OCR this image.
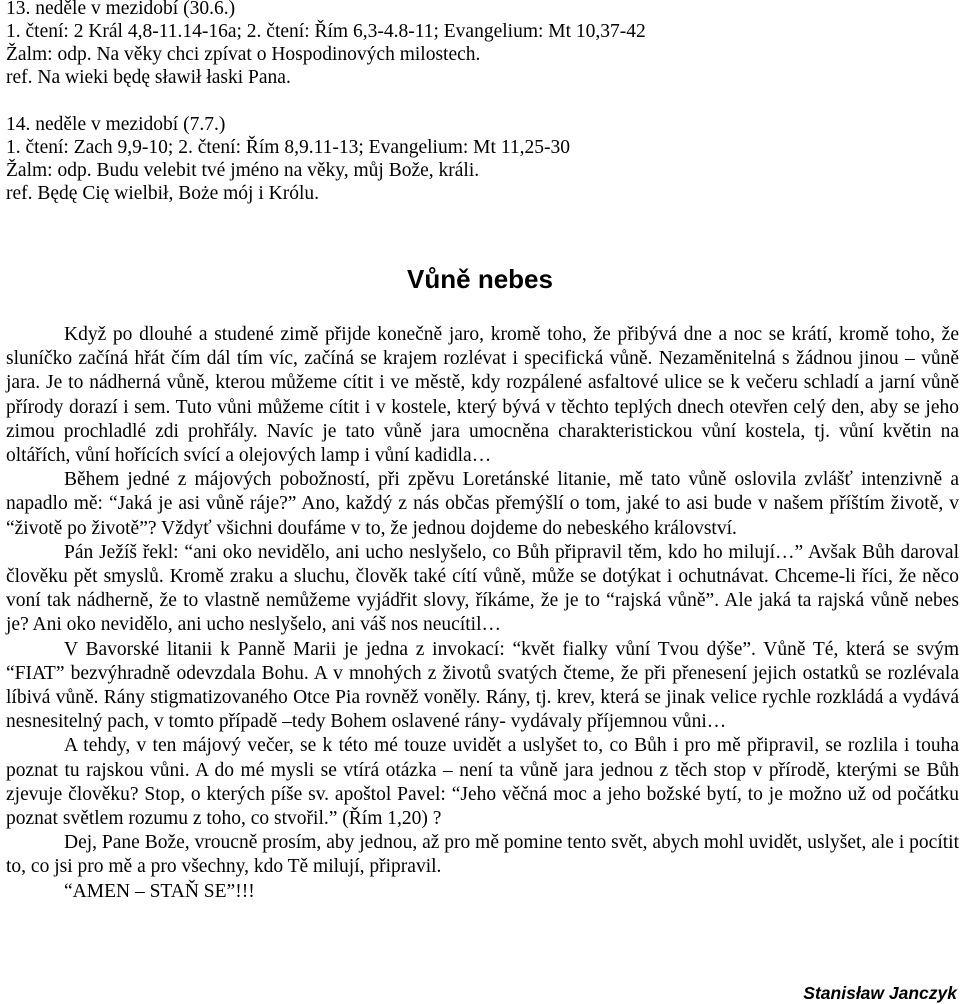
13. neděle v mezidobí (30.6.)
1. čtení: 2 Král 4,8-11.14-16a; 2. čtení: Řím 6,3-4.8-11; Evangelium: Mt 10,37-42
Žalm: odp. Na věky chci zpívat o Hospodinových milostech.
ref. Na wieki będę sławił łaski Pana.
14. neděle v mezidobí (7.7.)
1. čtení: Zach 9,9-10; 2. čtení: Řím 8,9.11-13; Evangelium: Mt 11,25-30
Žalm: odp. Budu velebit tvé jméno na věky, můj Bože, králi.
ref. Będę Cię wielbił, Boże mój i Królu.
Vůně nebes

Když po dlouhé a studené zimě přijde konečně jaro, kromě toho, že přibývá dne a noc se krátí, kromě toho, že sluníčko začíná hřát čím dál tím víc, začíná se krajem rozlévat i specifická vůně. Nezaměnitelná s žádnou jinou – vůně jara. Je to nádherná vůně, kterou můžeme cítit i ve městě, kdy rozpálené asfaltové ulice se k večeru schladí a jarní vůně přírody dorazí i sem. Tuto vůni můžeme cítit i v kostele, který bývá v těchto teplých dnech otevřen celý den, aby se jeho zimou prochladlé zdi prohřály. Navíc je tato vůně jara umocněna charakteristickou vůní kostela, tj. vůní květin na oltářích, vůní hořících svící a olejových lamp i vůní kadidla…

Během jedné z májových pobožností, při zpěvu Loretánské litanie, mě tato vůně oslovila zvlášť intenzivně a napadlo mě: “Jaká je asi vůně ráje?” Ano, každý z nás občas přemýšlí o tom, jaké to asi bude v našem příštím životě, v “životě po životě”? Vždyť všichni doufáme v to, že jednou dojdeme do nebeského království.

Pán Ježíš řekl: “ani oko nevidělo, ani ucho neslyšelo, co Bůh připravil těm, kdo ho milují…” Avšak Bůh daroval člověku pět smyslů. Kromě zraku a sluchu, člověk také cítí vůně, může se dotýkat i ochutnávat. Chceme-li říci, že něco voní tak nádherně, že to vlastně nemůžeme vyjádřit slovy, říkáme, že je to “rajská vůně”. Ale jaká ta rajská vůně nebes je? Ani oko nevidělo, ani ucho neslyšelo, ani váš nos neucítil…

V Bavorské litanii k Panně Marii je jedna z invokací: “květ fialky vůní Tvou dýše”. Vůně Té, která se svým “FIAT” bezvýhradně odevzdala Bohu. A v mnohých z životů svatých čteme, že při přenesení jejich ostatků se rozlévala líbivá vůně. Rány stigmatizovaného Otce Pia rovněž voněly. Rány, tj. krev, která se jinak velice rychle rozkládá a vydává nesnesitelný pach, v tomto případě –tedy Bohem oslavené rány- vydávaly příjemnou vůni…

A tehdy, v ten májový večer, se k této mé touze uvidět a uslyšet to, co Bůh i pro mě připravil, se rozlila i touha poznat tu rajskou vůni. A do mé mysli se vtírá otázka – není ta vůně jara jednou z těch stop v přírodě, kterými se Bůh zjevuje člověku? Stop, o kterých píše sv. apoštol Pavel: “Jeho věčná moc a jeho božské bytí, to je možno už od počátku poznat světlem rozumu z toho, co stvořil.” (Řím 1,20) ?

Dej, Pane Bože, vroucně prosím, aby jednou, až pro mě pomine tento svět, abych mohl uvidět, uslyšet, ale i pocítit to, co jsi pro mě a pro všechny, kdo Tě milují, připravil.

“AMEN – STAŇ SE”!!!
Stanisław Janczyk
